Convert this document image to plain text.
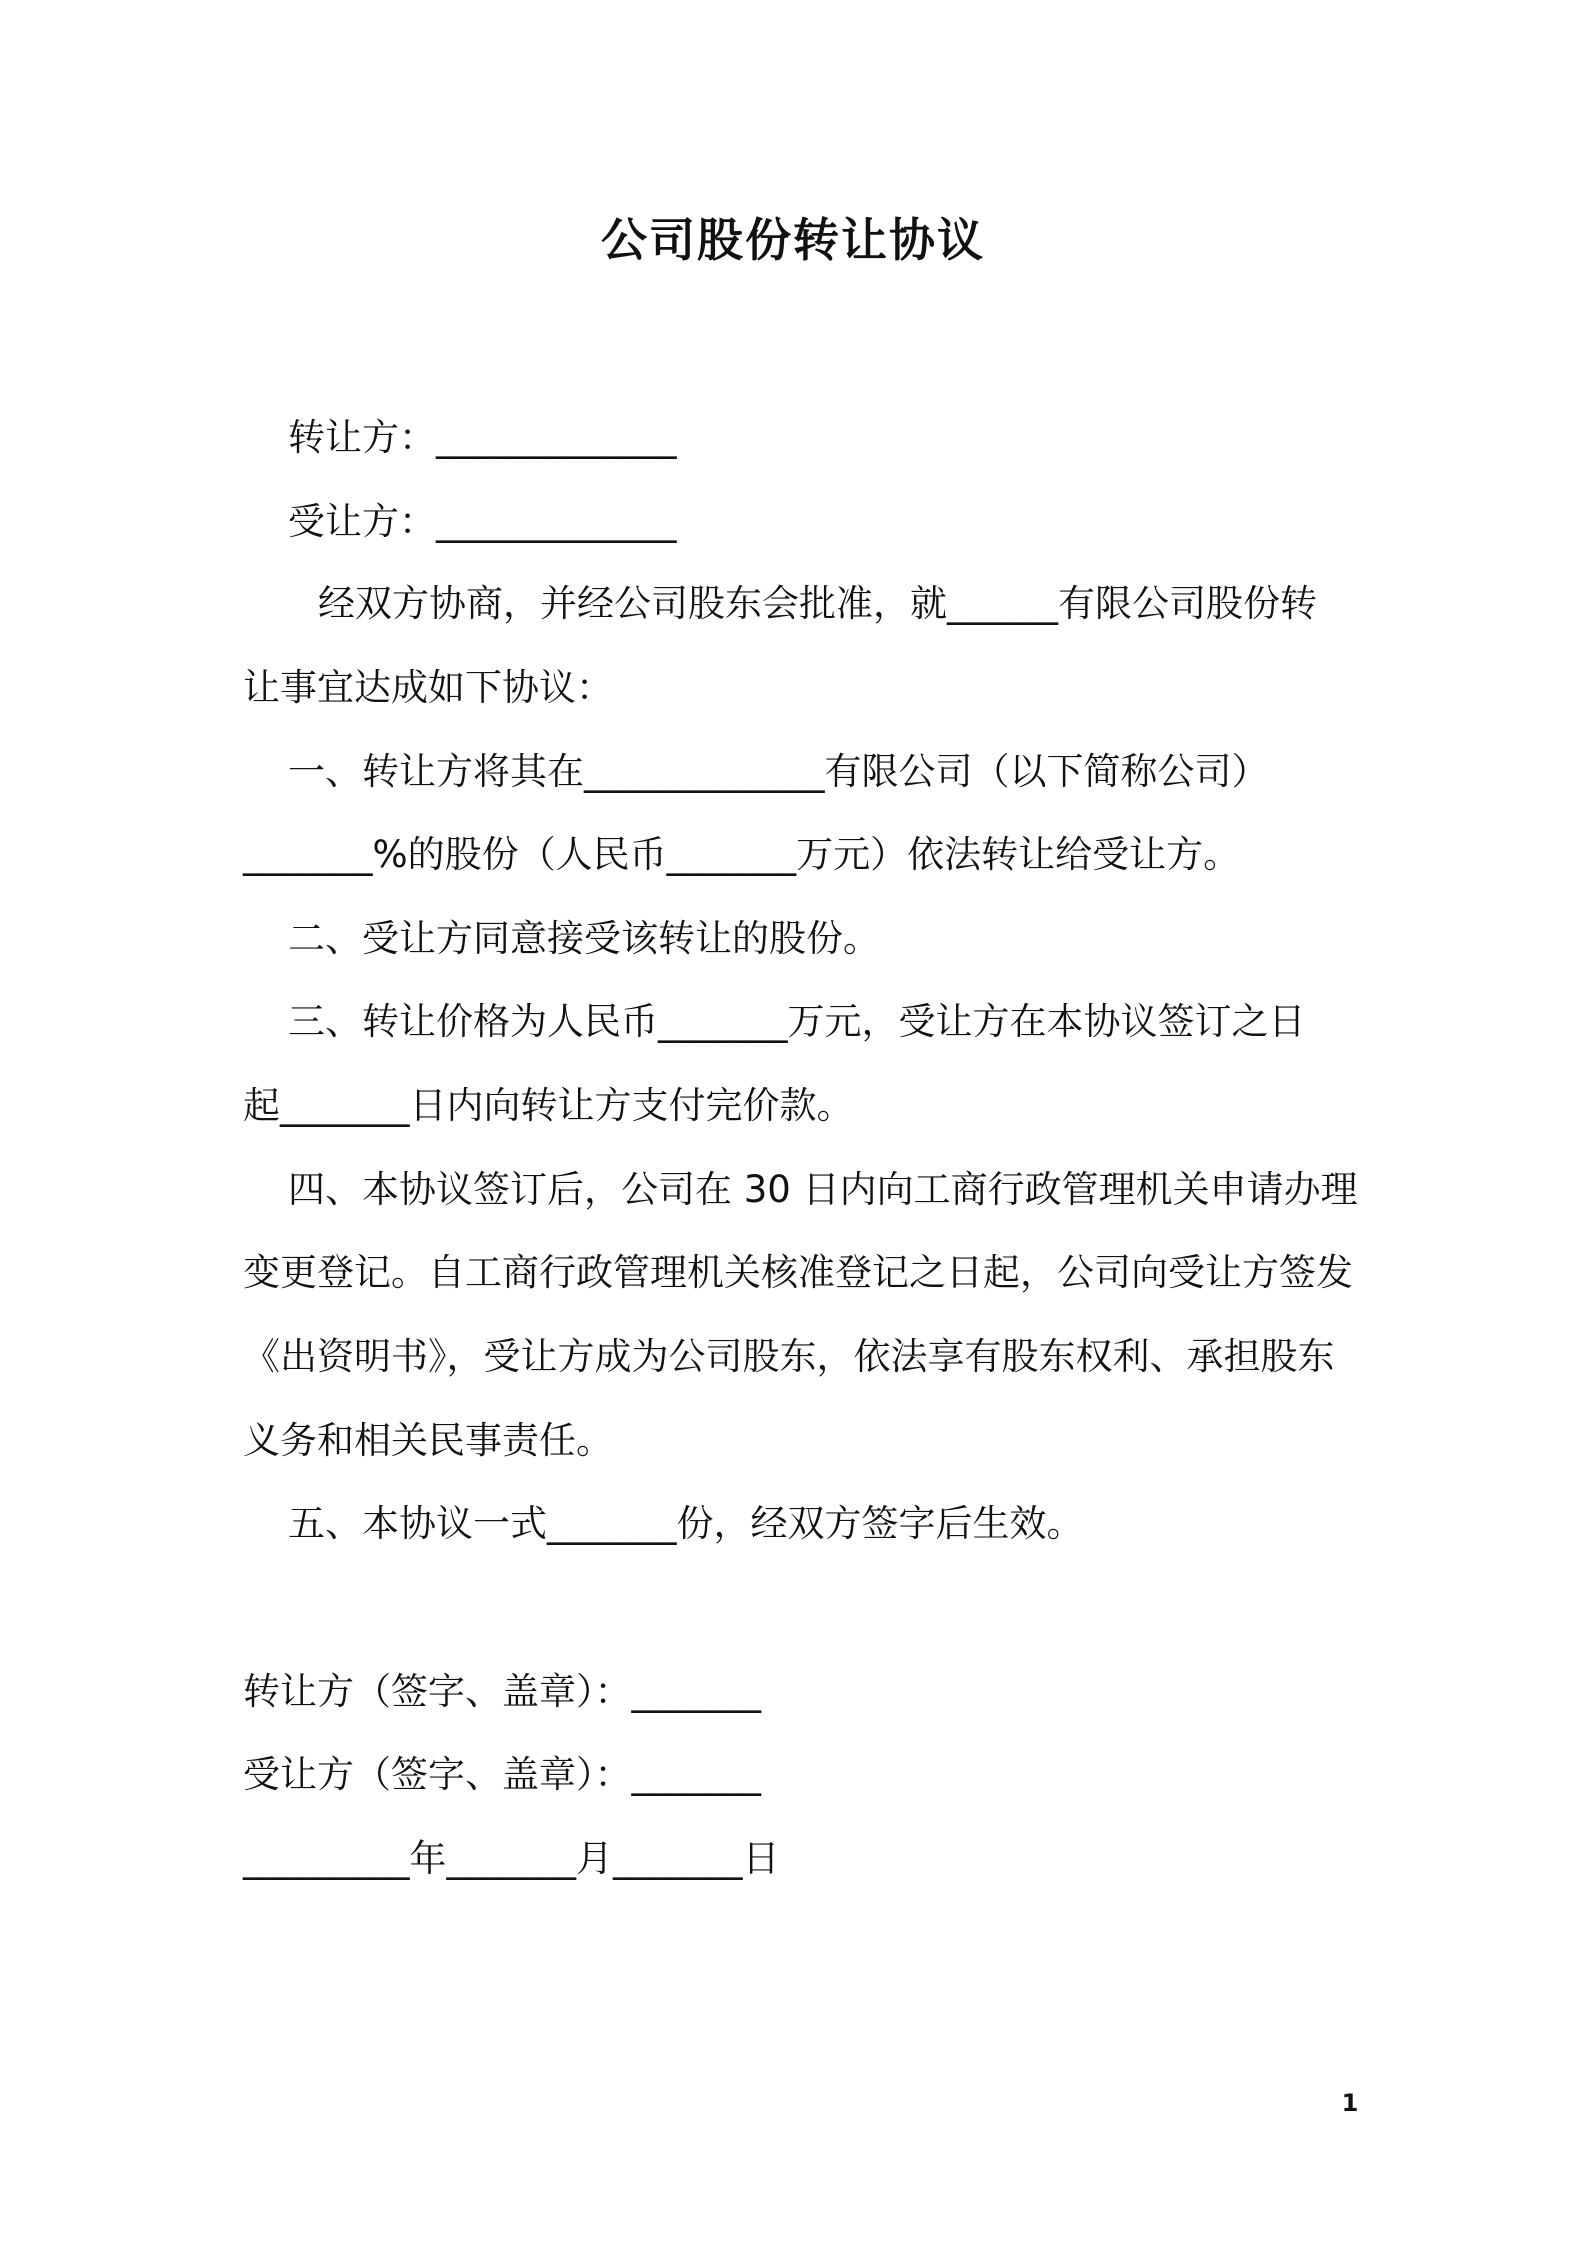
公司股份转让协议
转让方：_____________
受让方：_____________
经双方协商，并经公司股东会批准，就______有限公司股份转
让事宜达成如下协议：
一、转让方将其在_____________有限公司（以下简称公司）
_______%的股份（人民币_______万元）依法转让给受让方。
二、受让方同意接受该转让的股份。
三、转让价格为人民币_______万元，受让方在本协议签订之日
起_______日内向转让方支付完价款。
四、本协议签订后，公司在 30 日内向工商行政管理机关申请办理
变更登记。自工商行政管理机关核准登记之日起，公司向受让方签发
《出资明书》，受让方成为公司股东，依法享有股东权利、承担股东
义务和相关民事责任。
五、本协议一式_______份，经双方签字后生效。
转让方（签字、盖章）：_______
受让方（签字、盖章）：_______
_________年_______月_______日
1
